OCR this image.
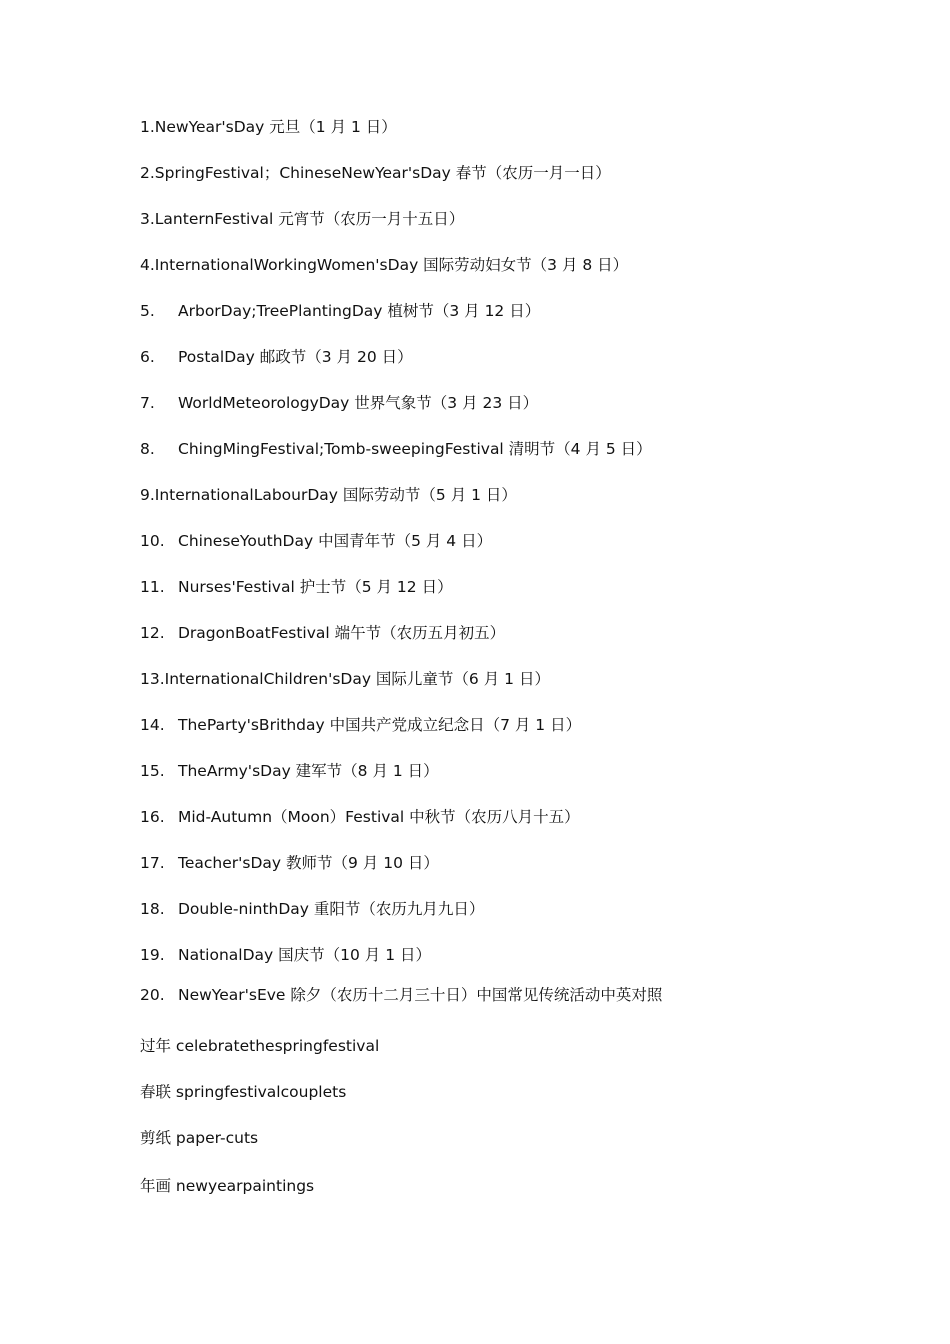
1.NewYear'sDay 元旦（1 月 1 日）
2.SpringFestival；ChineseNewYear'sDay 春节（农历一月一日）
3.LanternFestival 元宵节（农历一月十五日）
4.InternationalWorkingWomen'sDay 国际劳动妇女节（3 月 8 日）
5. ArborDay;TreePlantingDay 植树节（3 月 12 日）
6. PostalDay 邮政节（3 月 20 日）
7. WorldMeteorologyDay 世界气象节（3 月 23 日）
8. ChingMingFestival;Tomb-sweepingFestival 清明节（4 月 5 日）
9.InternationalLabourDay 国际劳动节（5 月 1 日）
10. ChineseYouthDay 中国青年节（5 月 4 日）
11. Nurses'Festival 护士节（5 月 12 日）
12. DragonBoatFestival 端午节（农历五月初五）
13.InternationalChildren'sDay 国际儿童节（6 月 1 日）
14. TheParty'sBrithday 中国共产党成立纪念日（7 月 1 日）
15. TheArmy'sDay 建军节（8 月 1 日）
16. Mid-Autumn（Moon）Festival 中秋节（农历八月十五）
17. Teacher'sDay 教师节（9 月 10 日）
18. Double-ninthDay 重阳节（农历九月九日）
19. NationalDay 国庆节（10 月 1 日）
20. NewYear'sEve 除夕（农历十二月三十日）中国常见传统活动中英对照
过年 celebratethespringfestival
春联 springfestivalcouplets
剪纸 paper-cuts
年画 newyearpaintings
